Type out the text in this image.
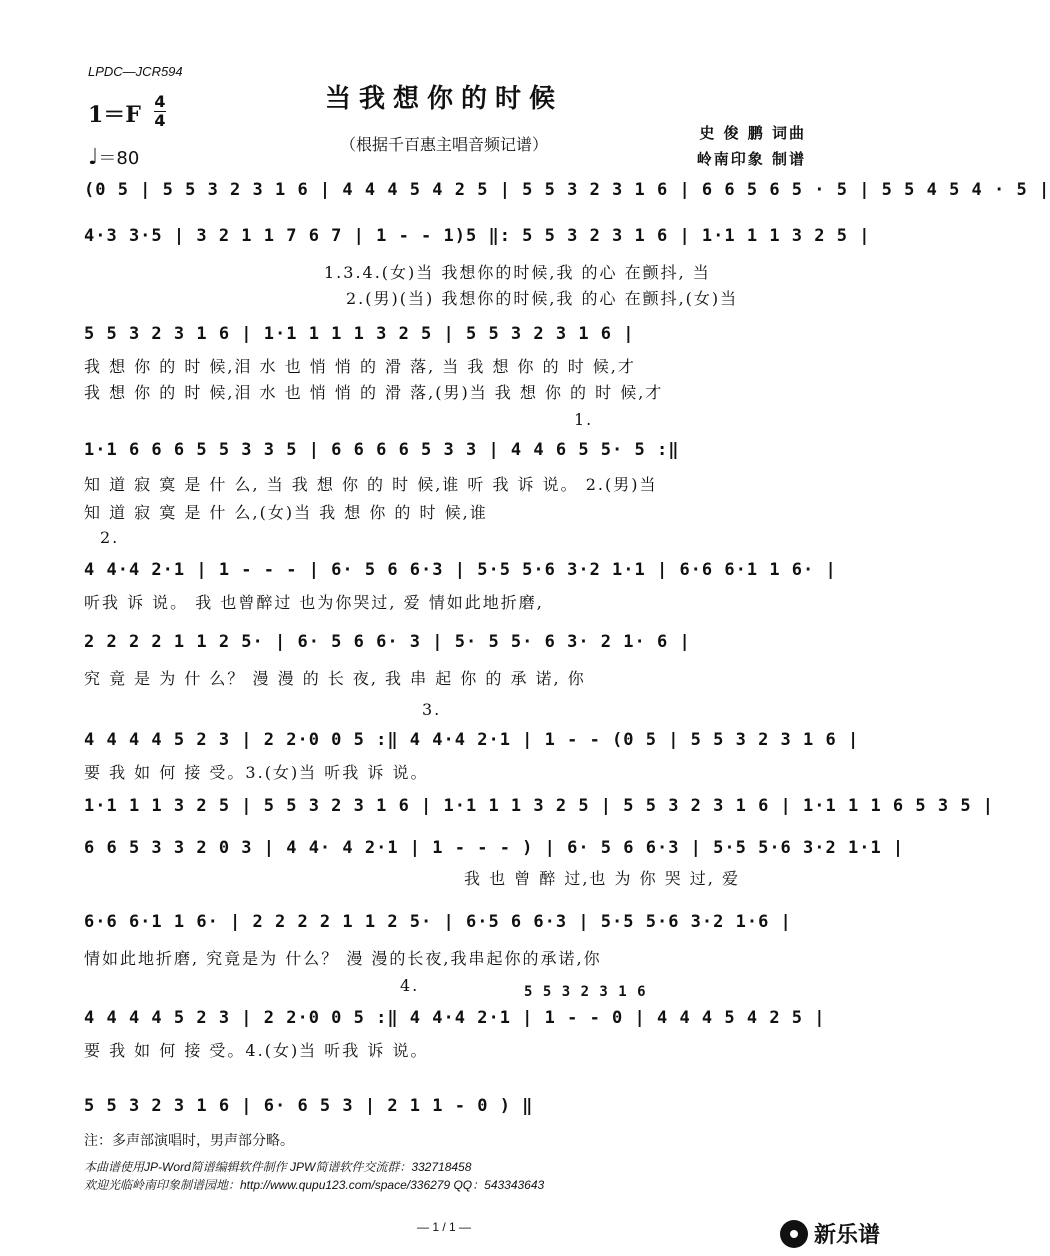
LPDC—JCR594
当我想你的时候
1＝F
4
4
♩＝80
（根据千百惠主唱音频记谱）
史 俊 鹏 词曲
岭南印象 制谱
(0 5 | 5 5 3 2 3 1 6 | 4 4 4 5 4 2 5 | 5 5 3 2 3 1 6 | 6 6 5 6 5 · 5 | 5 5 4 5 4 · 5 |
4·3 3·5 | 3 2 1 1 7 6 7 | 1 - - 1)5 ‖: 5 5 3 2 3 1 6 | 1·1 1 1 3 2 5 |
1.3.4.(女)当 我想你的时候,我 的心 在颤抖, 当
2.(男)(当) 我想你的时候,我 的心 在颤抖,(女)当
5 5 3 2 3 1 6 | 1·1 1 1 1 3 2 5 | 5 5 3 2 3 1 6 |
我 想 你 的 时 候,泪 水 也 悄 悄 的 滑 落, 当 我 想 你 的 时 候,才
我 想 你 的 时 候,泪 水 也 悄 悄 的 滑 落,(男)当 我 想 你 的 时 候,才
1.
1·1 6 6 6 5 5 3 3 5 | 6 6 6 6 5 3 3 | 4 4 6 5 5· 5 :‖
知 道 寂 寞 是 什 么, 当 我 想 你 的 时 候,谁 听 我 诉 说。 2.(男)当
知 道 寂 寞 是 什 么,(女)当 我 想 你 的 时 候,谁
2.
4 4·4 2·1 | 1 - - - | 6· 5 6 6·3 | 5·5 5·6 3·2 1·1 | 6·6 6·1 1 6· |
听我 诉 说。 我 也曾醉过 也为你哭过, 爱 情如此地折磨,
2 2 2 2 1 1 2 5· | 6· 5 6 6· 3 | 5· 5 5· 6 3· 2 1· 6 |
究 竟 是 为 什 么？ 漫 漫 的 长 夜, 我 串 起 你 的 承 诺, 你
3.
4 4 4 4 5 2 3 | 2 2·0 0 5 :‖ 4 4·4 2·1 | 1 - - (0 5 | 5 5 3 2 3 1 6 |
要 我 如 何 接 受。3.(女)当 听我 诉 说。
1·1 1 1 3 2 5 | 5 5 3 2 3 1 6 | 1·1 1 1 3 2 5 | 5 5 3 2 3 1 6 | 1·1 1 1 6 5 3 5 |
6 6 5 3 3 2 0 3 | 4 4· 4 2·1 | 1 - - - ) | 6· 5 6 6·3 | 5·5 5·6 3·2 1·1 |
我 也 曾 醉 过,也 为 你 哭 过, 爱
6·6 6·1 1 6· | 2 2 2 2 1 1 2 5· | 6·5 6 6·3 | 5·5 5·6 3·2 1·6 |
情如此地折磨, 究竟是为 什么？ 漫 漫的长夜,我串起你的承诺,你
4.	5 5 3 2 3 1 6
4 4 4 4 5 2 3 | 2 2·0 0 5 :‖ 4 4·4 2·1 | 1 - - 0 | 4 4 4 5 4 2 5 |
要 我 如 何 接 受。4.(女)当 听我 诉 说。
5 5 3 2 3 1 6 | 6· 6 5 3 | 2 1 1 - 0 ) ‖
注：多声部演唱时，男声部分略。
本曲谱使用JP-Word简谱编辑软件制作 JPW简谱软件交流群：332718458
欢迎光临岭南印象制谱园地：http://www.qupu123.com/space/336279 QQ：543343643
— 1 / 1 —	新乐谱
